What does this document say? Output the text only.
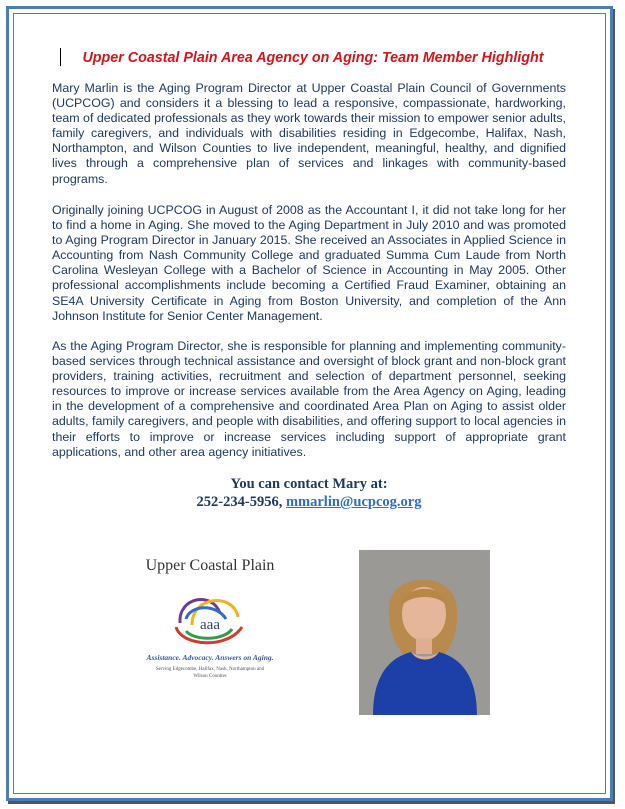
Upper Coastal Plain Area Agency on Aging: Team Member Highlight

Mary Marlin is the Aging Program Director at Upper Coastal Plain Council of Governments (UCPCOG) and considers it a blessing to lead a responsive, compassionate, hardworking, team of dedicated professionals as they work towards their mission to empower senior adults, family caregivers, and individuals with disabilities residing in Edgecombe, Halifax, Nash, Northampton, and Wilson Counties to live independent, meaningful, healthy, and dignified lives through a comprehensive plan of services and linkages with community-based programs.

Originally joining UCPCOG in August of 2008 as the Accountant I, it did not take long for her to find a home in Aging. She moved to the Aging Department in July 2010 and was promoted to Aging Program Director in January 2015. She received an Associates in Applied Science in Accounting from Nash Community College and graduated Summa Cum Laude from North Carolina Wesleyan College with a Bachelor of Science in Accounting in May 2005. Other professional accomplishments include becoming a Certified Fraud Examiner, obtaining an SE4A University Certificate in Aging from Boston University, and completion of the Ann Johnson Institute for Senior Center Management.

As the Aging Program Director, she is responsible for planning and implementing community-based services through technical assistance and oversight of block grant and non-block grant providers, training activities, recruitment and selection of department personnel, seeking resources to improve or increase services available from the Area Agency on Aging, leading in the development of a comprehensive and coordinated Area Plan on Aging to assist older adults, family caregivers, and people with disabilities, and offering support to local agencies in their efforts to improve or increase services including support of appropriate grant applications, and other area agency initiatives.

You can contact Mary at:
252-234-5956, mmarlin@ucpcog.org
Upper Coastal Plain
aaa
Assistance. Advocacy. Answers on Aging.
Serving Edgecombe, Halifax, Nash, Northampton and Wilson Counties
